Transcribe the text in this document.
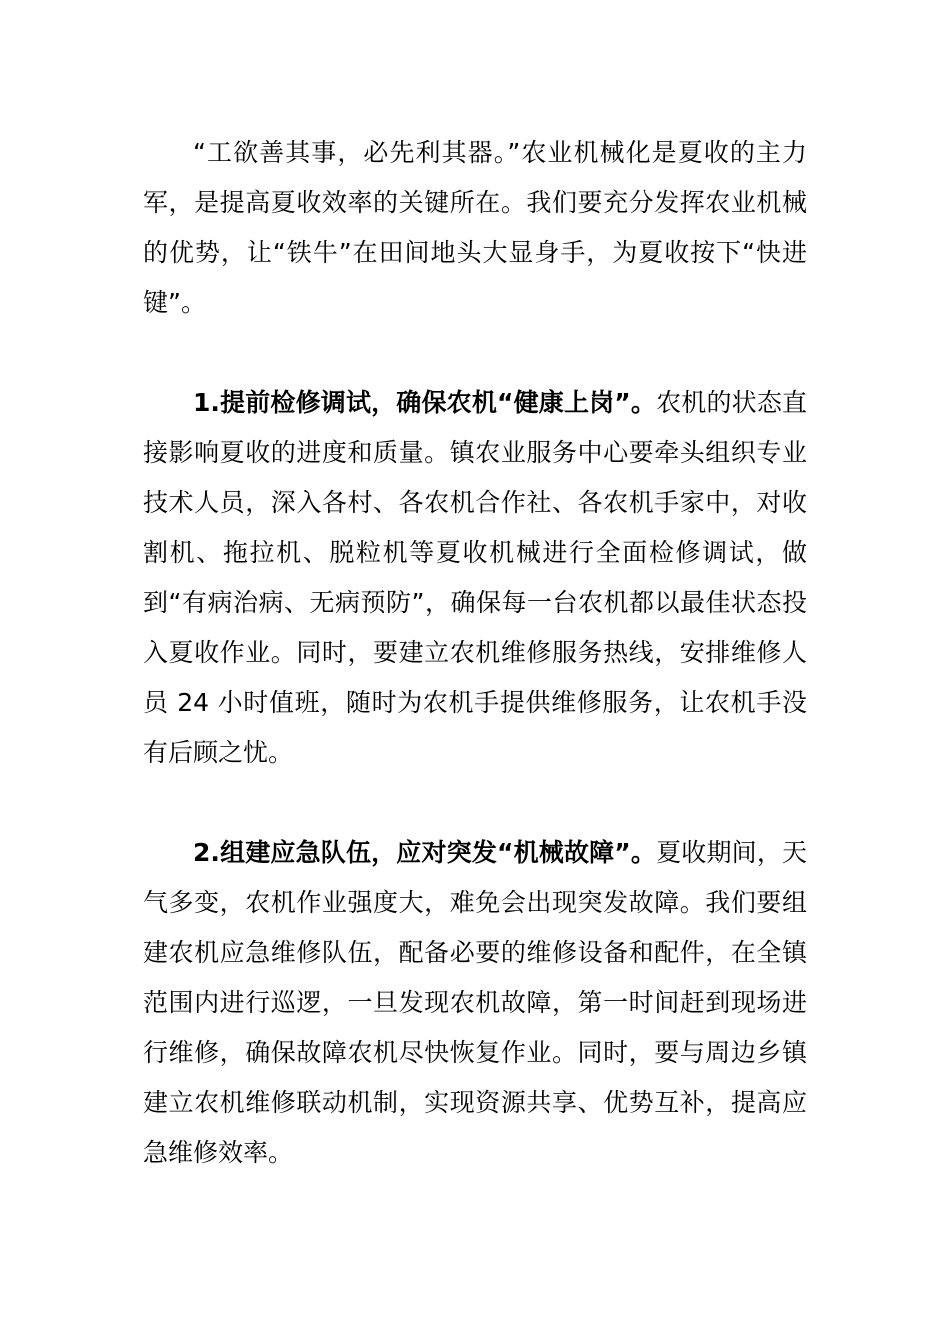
“工欲善其事，必先利其器。”农业机械化是夏收的主力军，是提高夏收效率的关键所在。我们要充分发挥农业机械的优势，让“铁牛”在田间地头大显身手，为夏收按下“快进键”。

1.提前检修调试，确保农机“健康上岗”。农机的状态直接影响夏收的进度和质量。镇农业服务中心要牵头组织专业技术人员，深入各村、各农机合作社、各农机手家中，对收割机、拖拉机、脱粒机等夏收机械进行全面检修调试，做到“有病治病、无病预防”，确保每一台农机都以最佳状态投入夏收作业。同时，要建立农机维修服务热线，安排维修人员 24 小时值班，随时为农机手提供维修服务，让农机手没有后顾之忧。

2.组建应急队伍，应对突发“机械故障”。夏收期间，天气多变，农机作业强度大，难免会出现突发故障。我们要组建农机应急维修队伍，配备必要的维修设备和配件，在全镇范围内进行巡逻，一旦发现农机故障，第一时间赶到现场进行维修，确保故障农机尽快恢复作业。同时，要与周边乡镇建立农机维修联动机制，实现资源共享、优势互补，提高应急维修效率。
